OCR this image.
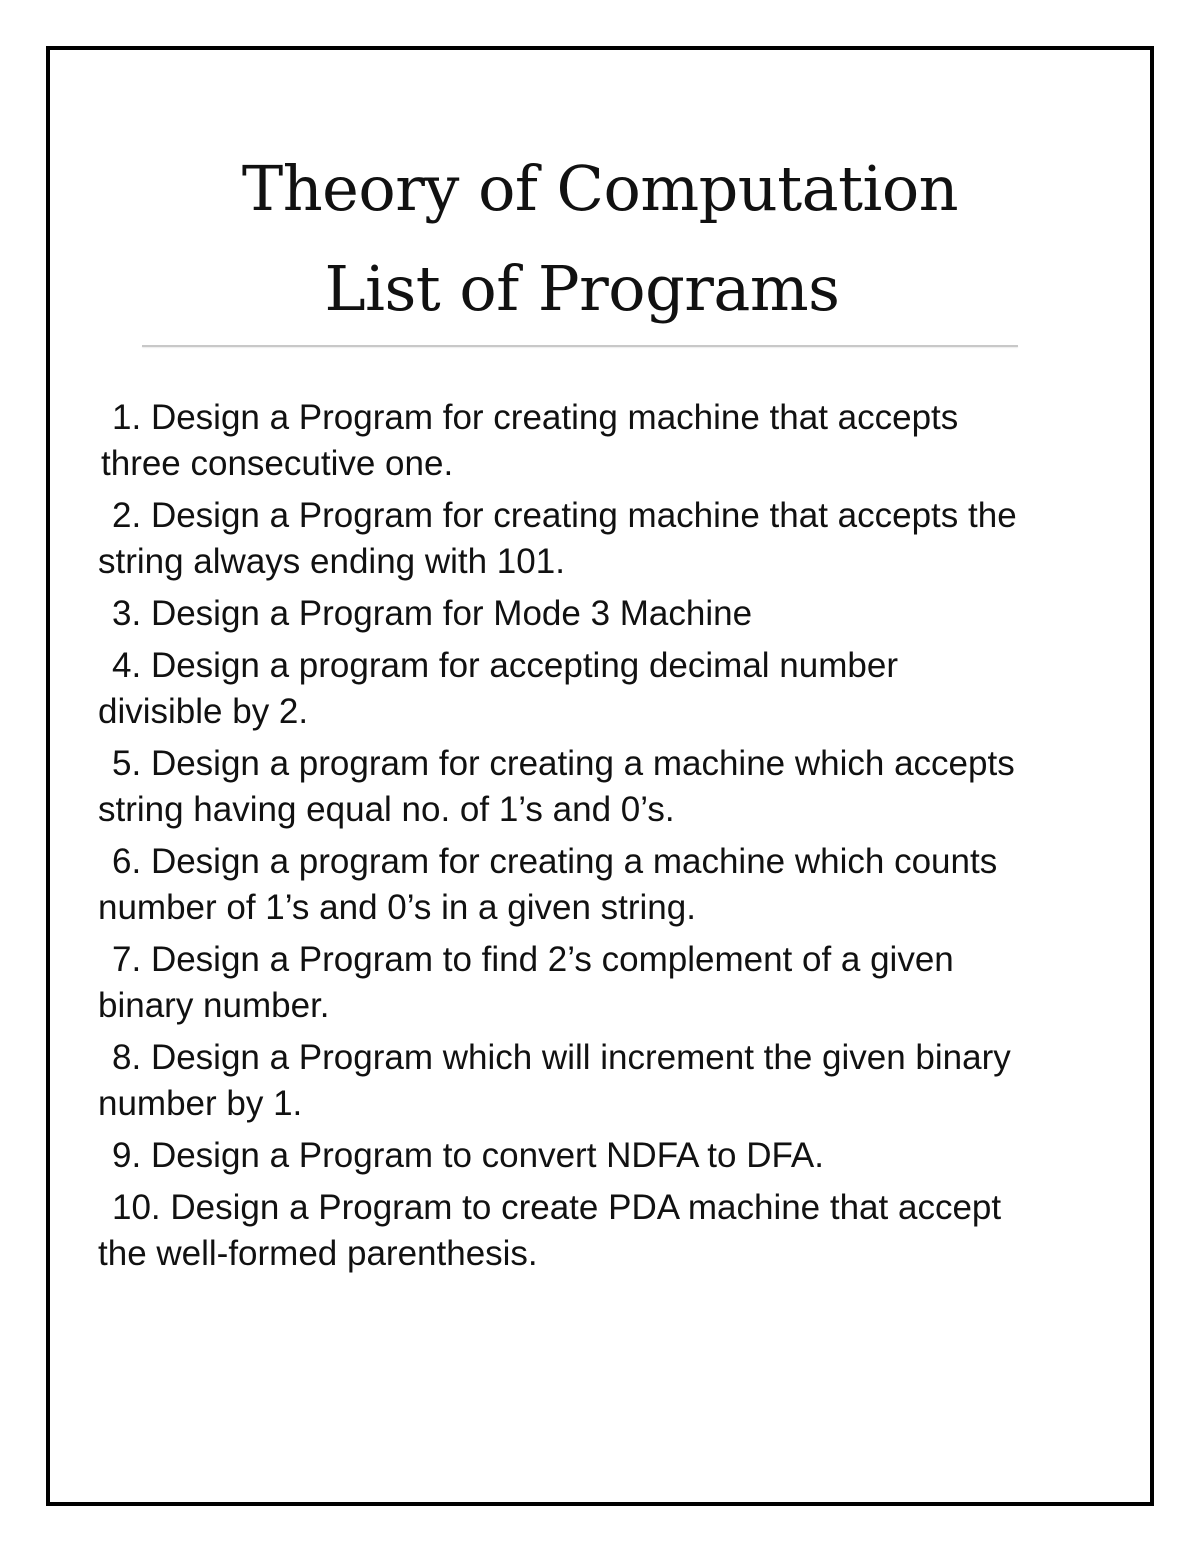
Theory of Computation
List of Programs
1. Design a Program for creating machine that accepts
three consecutive one.
2. Design a Program for creating machine that accepts the
string always ending with 101.
3. Design a Program for Mode 3 Machine
4. Design a program for accepting decimal number
divisible by 2.
5. Design a program for creating a machine which accepts
string having equal no. of 1’s and 0’s.
6. Design a program for creating a machine which counts
number of 1’s and 0’s in a given string.
7. Design a Program to find 2’s complement of a given
binary number.
8. Design a Program which will increment the given binary
number by 1.
9. Design a Program to convert NDFA to DFA.
10. Design a Program to create PDA machine that accept
the well-formed parenthesis.
